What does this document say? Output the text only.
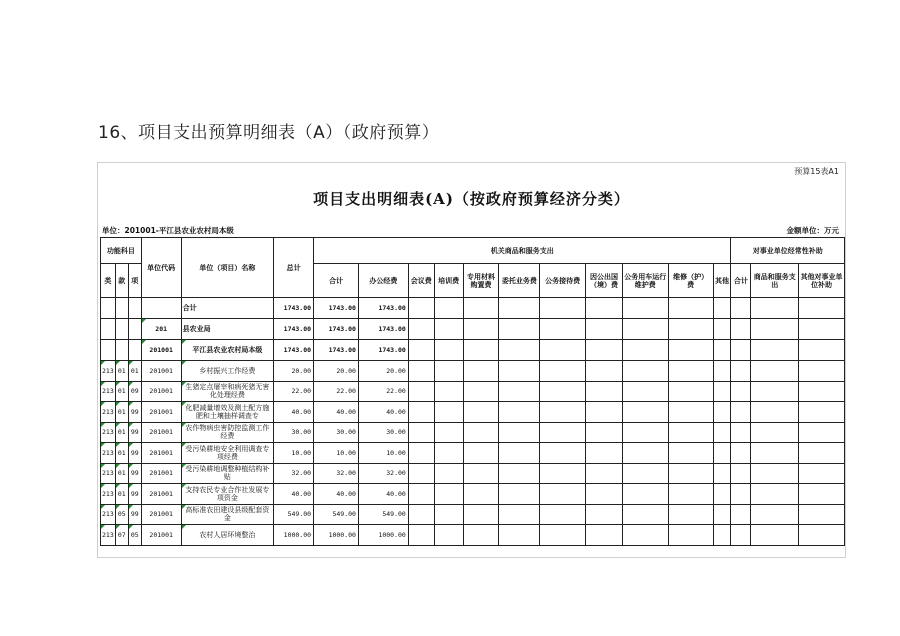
16、项目支出预算明细表（A）（政府预算）
预算15表A1
项目支出明细表(A)（按政府预算经济分类）
单位：201001-平江县农业农村局本级	金额单位：万元
功能科目			单位代码	单位（项目）名称	总计	机关商品和服务支出											对事业单位经常性补助		
类	款	项				合计	办公经费	会议费	培训费	专用材料购置费	委托业务费	公务接待费	因公出国（境）费	公务用车运行维护费	维修（护）费	其他	合计	商品和服务支出	其他对事业单位补助
				合计	1743.00	1743.00	1743.00												
			201	县农业局	1743.00	1743.00	1743.00												
			201001	平江县农业农村局本级	1743.00	1743.00	1743.00												
213	01	01	201001	乡村振兴工作经费	20.00	20.00	20.00												
213	01	09	201001	生猪定点屠宰和病死猪无害化处理经费	22.00	22.00	22.00												
213	01	99	201001	化肥减量增效及测土配方施肥和土壤抽样调查专	40.00	40.00	40.00												
213	01	99	201001	农作物病虫害防控监测工作经费	30.00	30.00	30.00												
213	01	99	201001	受污染耕地安全利用调查专项经费	10.00	10.00	10.00												
213	01	99	201001	受污染耕地调整种植结构补贴	32.00	32.00	32.00												
213	01	99	201001	支持农民专业合作社发展专项资金	40.00	40.00	40.00												
213	05	99	201001	高标准农田建设县级配套资金	549.00	549.00	549.00												
213	07	05	201001	农村人居环境整治	1000.00	1000.00	1000.00												
